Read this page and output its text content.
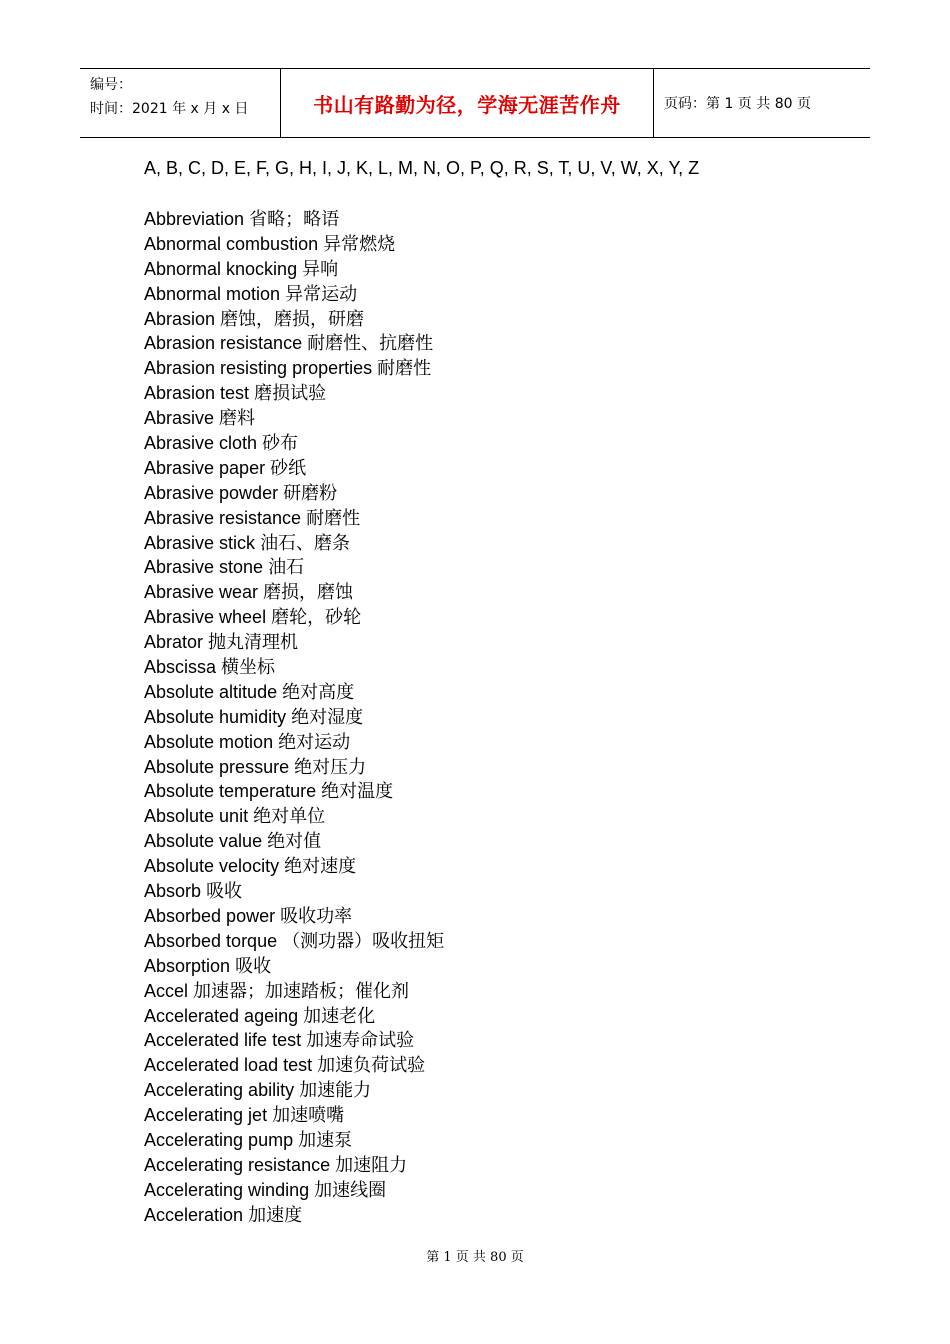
编号：
时间：2021 年 x 月 x 日	书山有路勤为径，学海无涯苦作舟	页码：第 1 页 共 80 页
A, B, C, D, E, F, G, H, I, J, K, L, M, N, O, P, Q, R, S, T, U, V, W, X, Y, Z
Abbreviation 省略；略语
Abnormal combustion 异常燃烧
Abnormal knocking 异响
Abnormal motion 异常运动
Abrasion 磨蚀，磨损，研磨
Abrasion resistance 耐磨性、抗磨性
Abrasion resisting properties 耐磨性
Abrasion test 磨损试验
Abrasive 磨料
Abrasive cloth 砂布
Abrasive paper 砂纸
Abrasive powder 研磨粉
Abrasive resistance 耐磨性
Abrasive stick 油石、磨条
Abrasive stone 油石
Abrasive wear 磨损，磨蚀
Abrasive wheel 磨轮，砂轮
Abrator 抛丸清理机
Abscissa 横坐标
Absolute altitude 绝对高度
Absolute humidity 绝对湿度
Absolute motion 绝对运动
Absolute pressure 绝对压力
Absolute temperature 绝对温度
Absolute unit 绝对单位
Absolute value 绝对值
Absolute velocity 绝对速度
Absorb 吸收
Absorbed power 吸收功率
Absorbed torque （测功器）吸收扭矩
Absorption 吸收
Accel 加速器；加速踏板；催化剂
Accelerated ageing 加速老化
Accelerated life test 加速寿命试验
Accelerated load test 加速负荷试验
Accelerating ability 加速能力
Accelerating jet 加速喷嘴
Accelerating pump 加速泵
Accelerating resistance 加速阻力
Accelerating winding 加速线圈
Acceleration 加速度
第 1 页 共 80 页
